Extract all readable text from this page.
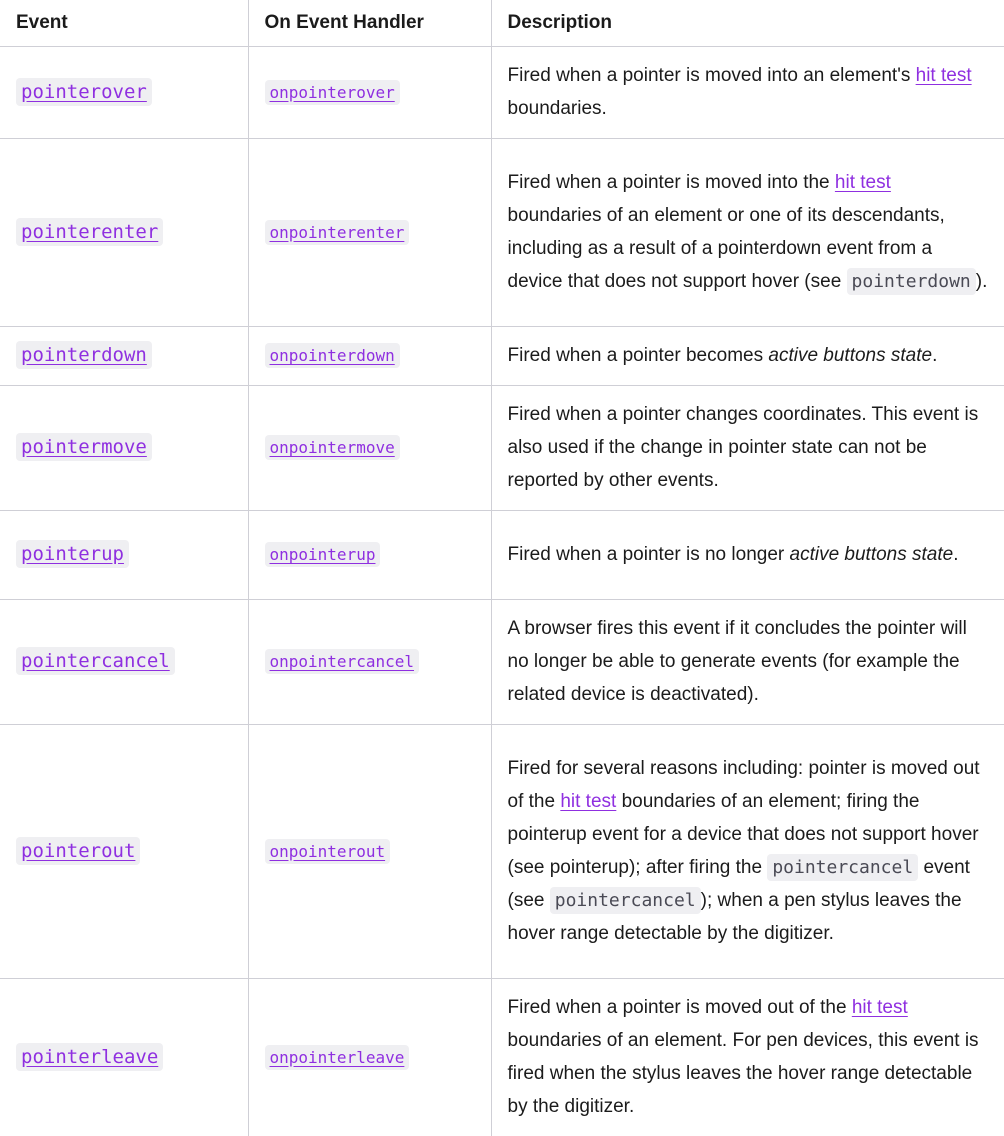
Event	On Event Handler	Description
pointerover	onpointerover	Fired when a pointer is moved into an element's hit test boundaries.
pointerenter	onpointerenter	Fired when a pointer is moved into the hit test boundaries of an element or one of its descendants, including as a result of a pointerdown event from a device that does not support hover (see pointerdown ).
pointerdown	onpointerdown	Fired when a pointer becomes active buttons state.
pointermove	onpointermove	Fired when a pointer changes coordinates. This event is also used if the change in pointer state can not be reported by other events.
pointerup	onpointerup	Fired when a pointer is no longer active buttons state.
pointercancel	onpointercancel	A browser fires this event if it concludes the pointer will no longer be able to generate events (for example the related device is deactivated).
pointerout	onpointerout	Fired for several reasons including: pointer is moved out of the hit test boundaries of an element; firing the pointerup event for a device that does not support hover (see pointerup); after firing the pointercancel event (see pointercancel ); when a pen stylus leaves the hover range detectable by the digitizer.
pointerleave	onpointerleave	Fired when a pointer is moved out of the hit test boundaries of an element. For pen devices, this event is fired when the stylus leaves the hover range detectable by the digitizer.
